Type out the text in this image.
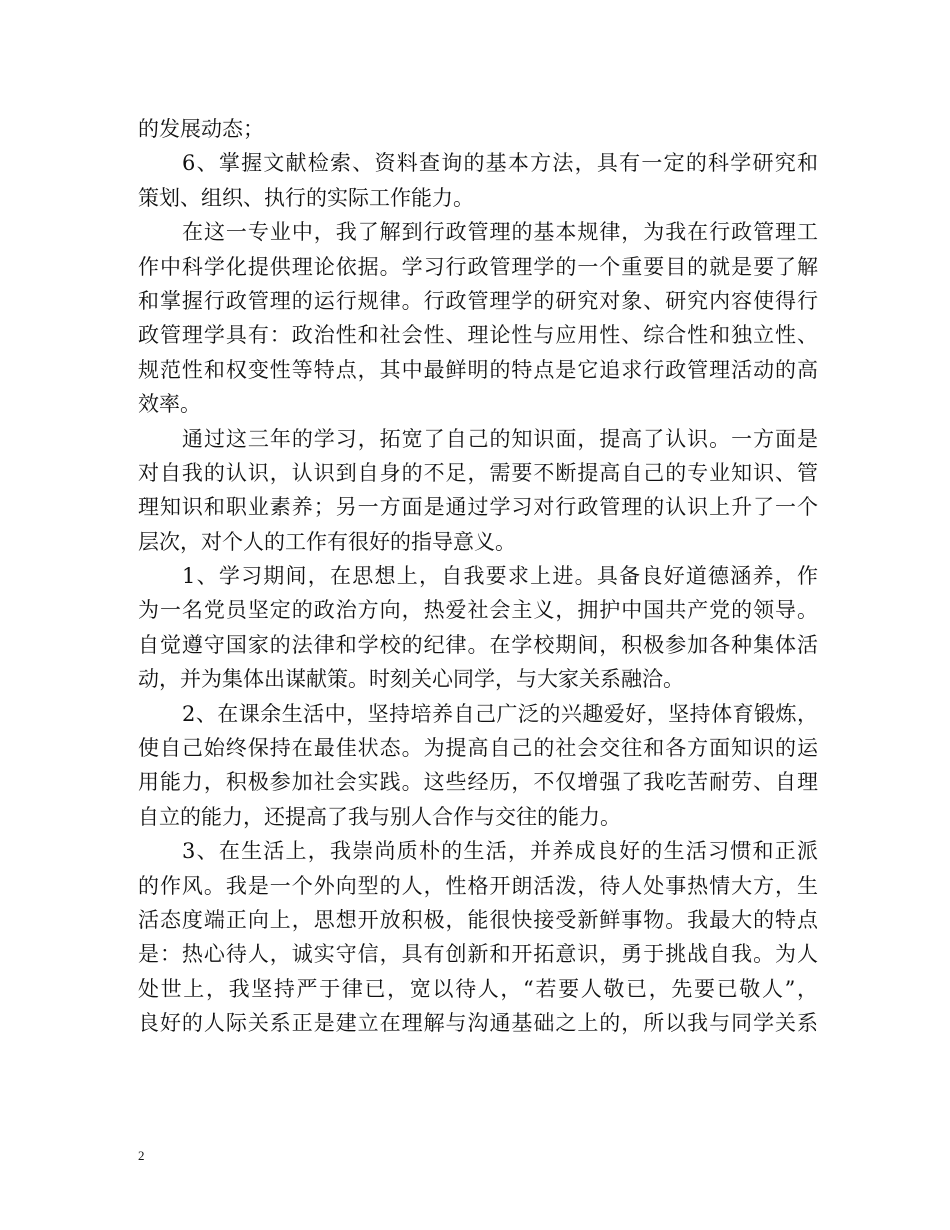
的发展动态；
6、掌握文献检索、资料查询的基本方法，具有一定的科学研究和
策划、组织、执行的实际工作能力。
在这一专业中，我了解到行政管理的基本规律，为我在行政管理工
作中科学化提供理论依据。学习行政管理学的一个重要目的就是要了解
和掌握行政管理的运行规律。行政管理学的研究对象、研究内容使得行
政管理学具有：政治性和社会性、理论性与应用性、综合性和独立性、
规范性和权变性等特点，其中最鲜明的特点是它追求行政管理活动的高
效率。
通过这三年的学习，拓宽了自己的知识面，提高了认识。一方面是
对自我的认识，认识到自身的不足，需要不断提高自己的专业知识、管
理知识和职业素养；另一方面是通过学习对行政管理的认识上升了一个
层次，对个人的工作有很好的指导意义。
1、学习期间，在思想上，自我要求上进。具备良好道德涵养，作
为一名党员坚定的政治方向，热爱社会主义，拥护中国共产党的领导。
自觉遵守国家的法律和学校的纪律。在学校期间，积极参加各种集体活
动，并为集体出谋献策。时刻关心同学，与大家关系融洽。
2、在课余生活中，坚持培养自己广泛的兴趣爱好，坚持体育锻炼，
使自己始终保持在最佳状态。为提高自己的社会交往和各方面知识的运
用能力，积极参加社会实践。这些经历，不仅增强了我吃苦耐劳、自理
自立的能力，还提高了我与别人合作与交往的能力。
3、在生活上，我崇尚质朴的生活，并养成良好的生活习惯和正派
的作风。我是一个外向型的人，性格开朗活泼，待人处事热情大方，生
活态度端正向上，思想开放积极，能很快接受新鲜事物。我最大的特点
是：热心待人，诚实守信，具有创新和开拓意识，勇于挑战自我。为人
处世上，我坚持严于律已，宽以待人，“若要人敬已，先要已敬人”，
良好的人际关系正是建立在理解与沟通基础之上的，所以我与同学关系
2
